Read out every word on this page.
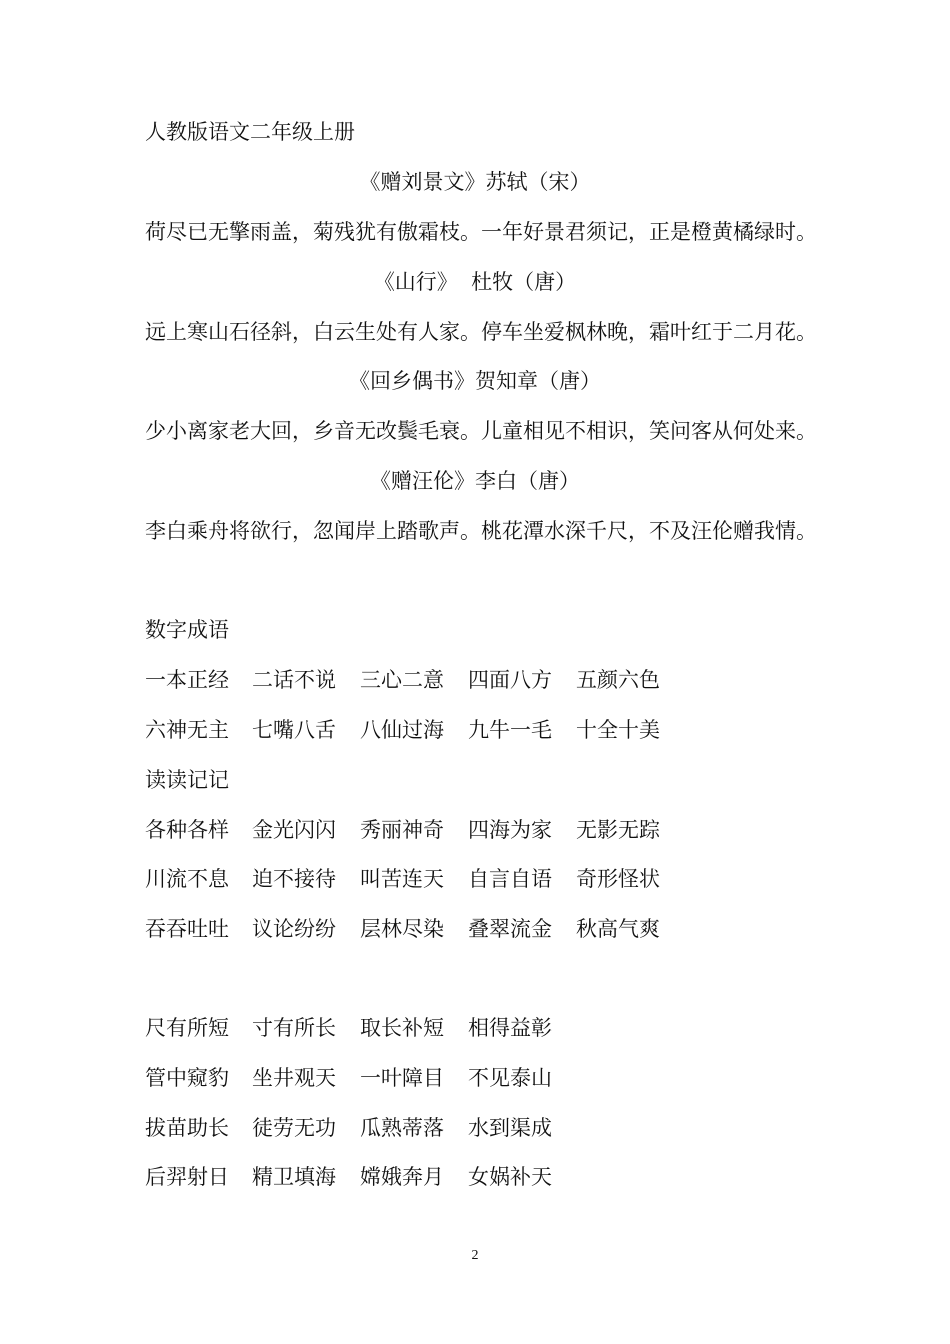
人教版语文二年级上册
《赠刘景文》苏轼（宋）
荷尽已无擎雨盖，菊残犹有傲霜枝。一年好景君须记，正是橙黄橘绿时。
《山行》  杜牧（唐）
远上寒山石径斜，白云生处有人家。停车坐爱枫林晚，霜叶红于二月花。
《回乡偶书》贺知章（唐）
少小离家老大回，乡音无改鬓毛衰。儿童相见不相识，笑问客从何处来。
《赠汪伦》李白（唐）
李白乘舟将欲行，忽闻岸上踏歌声。桃花潭水深千尺，不及汪伦赠我情。
数字成语
一本正经 二话不说 三心二意 四面八方 五颜六色
六神无主 七嘴八舌 八仙过海 九牛一毛 十全十美
读读记记
各种各样 金光闪闪 秀丽神奇 四海为家 无影无踪
川流不息 迫不接待 叫苦连天 自言自语 奇形怪状
吞吞吐吐 议论纷纷 层林尽染 叠翠流金 秋高气爽
尺有所短 寸有所长 取长补短 相得益彰
管中窥豹 坐井观天 一叶障目 不见泰山
拔苗助长 徒劳无功 瓜熟蒂落 水到渠成
后羿射日 精卫填海 嫦娥奔月 女娲补天
2
